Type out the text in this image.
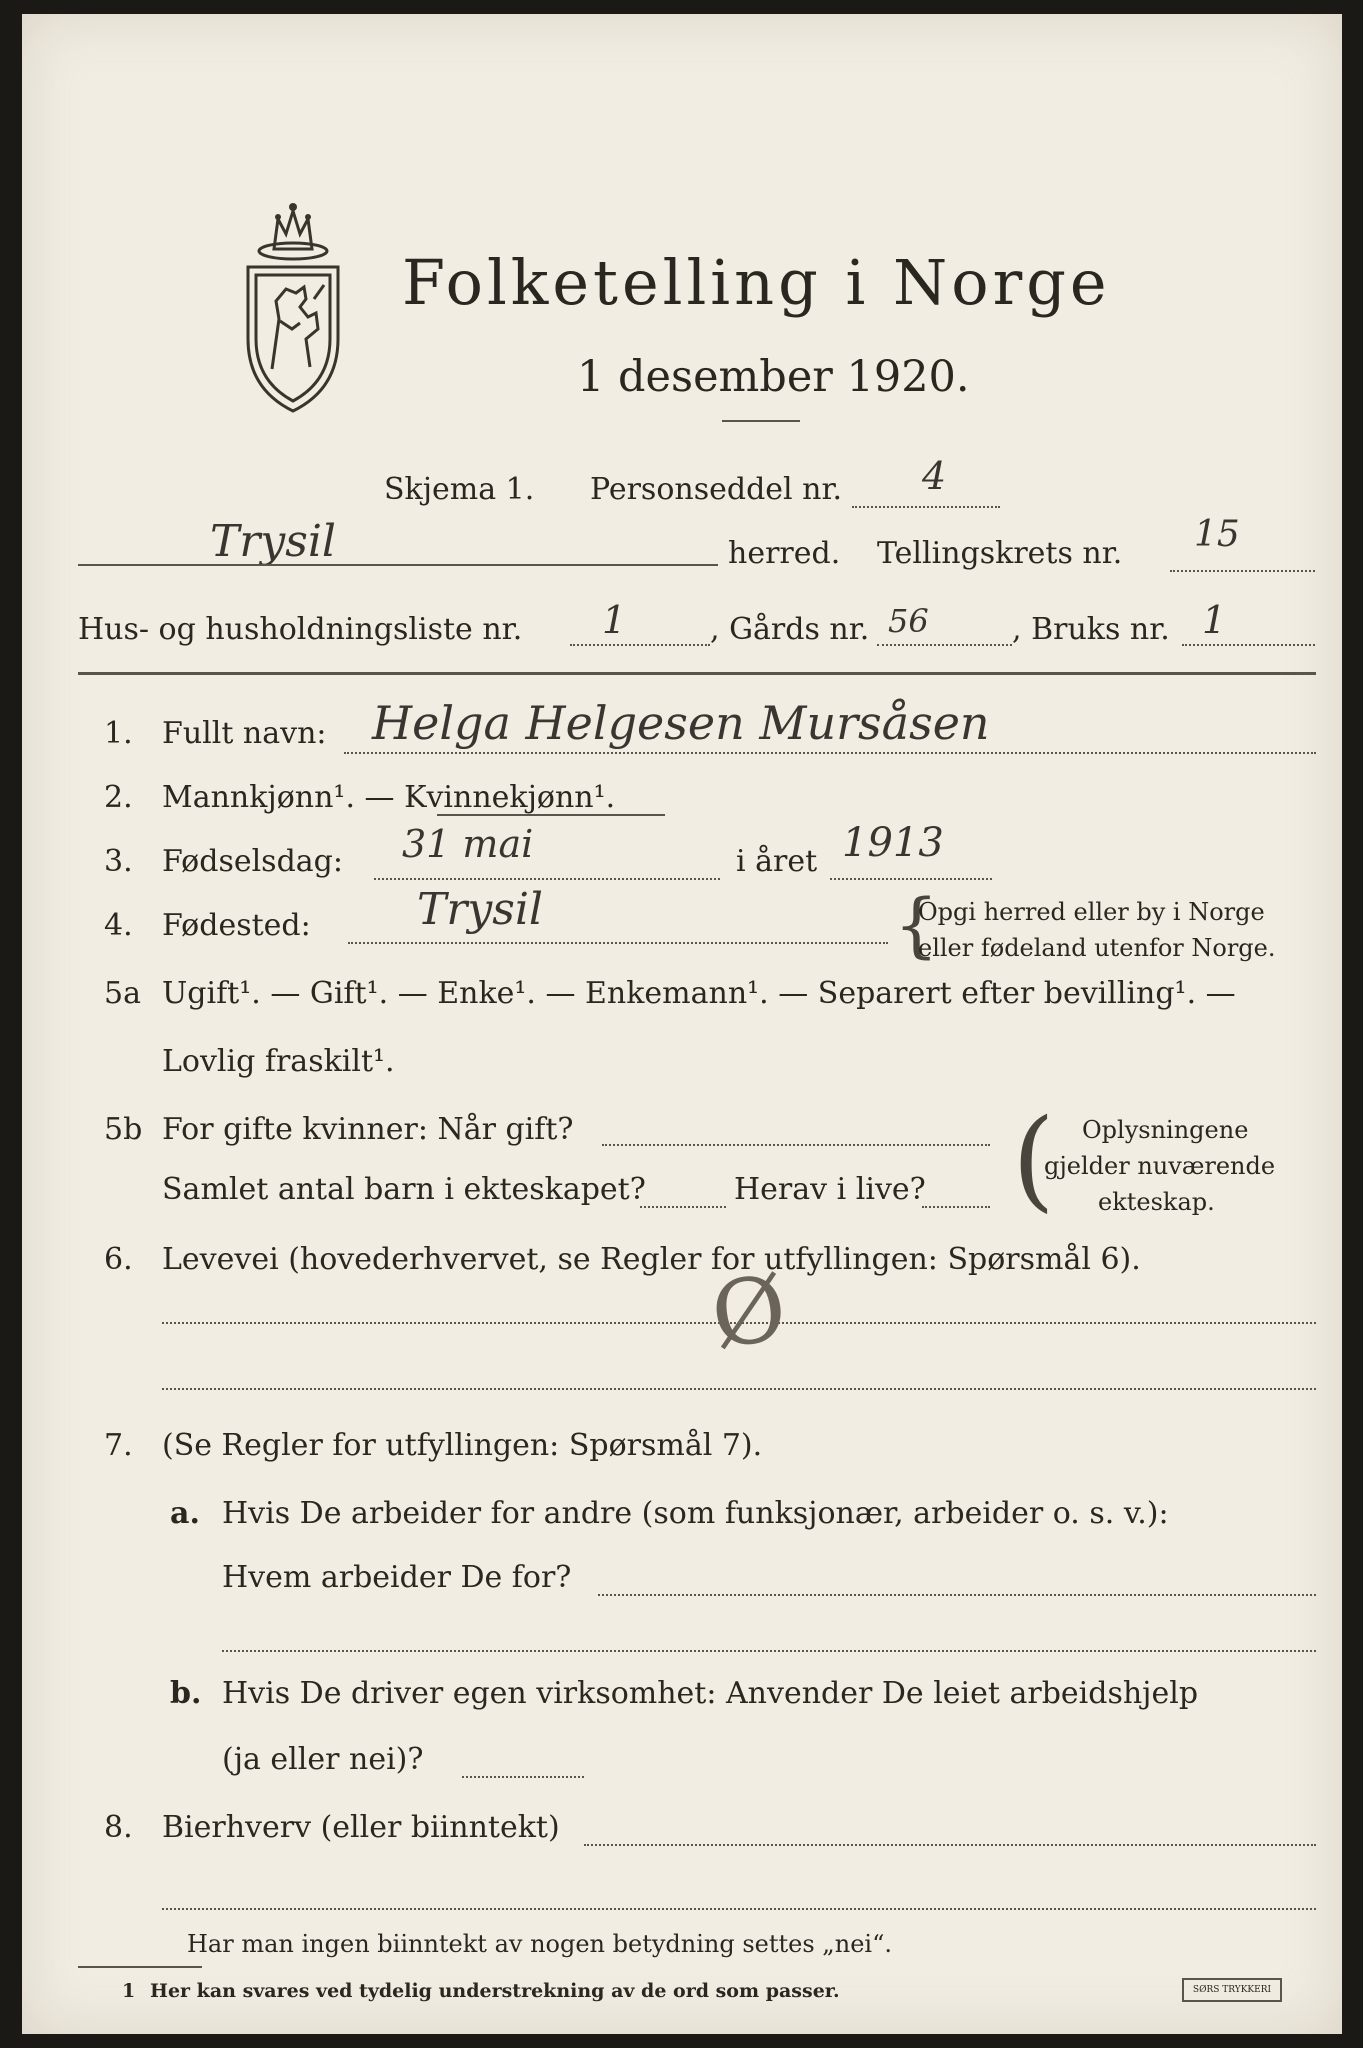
Folketelling i Norge
1 desember 1920.
Skjema 1. Personseddel nr. 4
Trysil	herred. Tellingskrets nr. 15
Hus- og husholdningsliste nr. 1	, Gårds nr. 56	, Bruks nr. 1
1. Fullt navn: Helga Helgesen Mursåsen
2. Mannkjønn¹. — Kvinnekjønn¹.
3. Fødselsdag: 31 mai	i året 1913
4. Fødested: Trysil	{
Opgi herred eller by i Norge
eller fødeland utenfor Norge.
5a Ugift¹. — Gift¹. — Enke¹. — Enkemann¹. — Separert efter bevilling¹. —
Lovlig fraskilt¹.
5b For gifte kvinner: Når gift?
Samlet antal barn i ekteskapet?	Herav i live? ( Oplysningene
gjelder nuværende
ekteskap.
6. Levevei (hovederhvervet, se Regler for utfyllingen: Spørsmål 6).
Ø
7. (Se Regler for utfyllingen: Spørsmål 7).
a. Hvis De arbeider for andre (som funksjonær, arbeider o. s. v.):
Hvem arbeider De for?
b. Hvis De driver egen virksomhet: Anvender De leiet arbeidshjelp
(ja eller nei)?
8. Bierhverv (eller biinntekt)
Har man ingen biinntekt av nogen betydning settes „nei“.
1 Her kan svares ved tydelig understrekning av de ord som passer.	SØRS TRYKKERI
